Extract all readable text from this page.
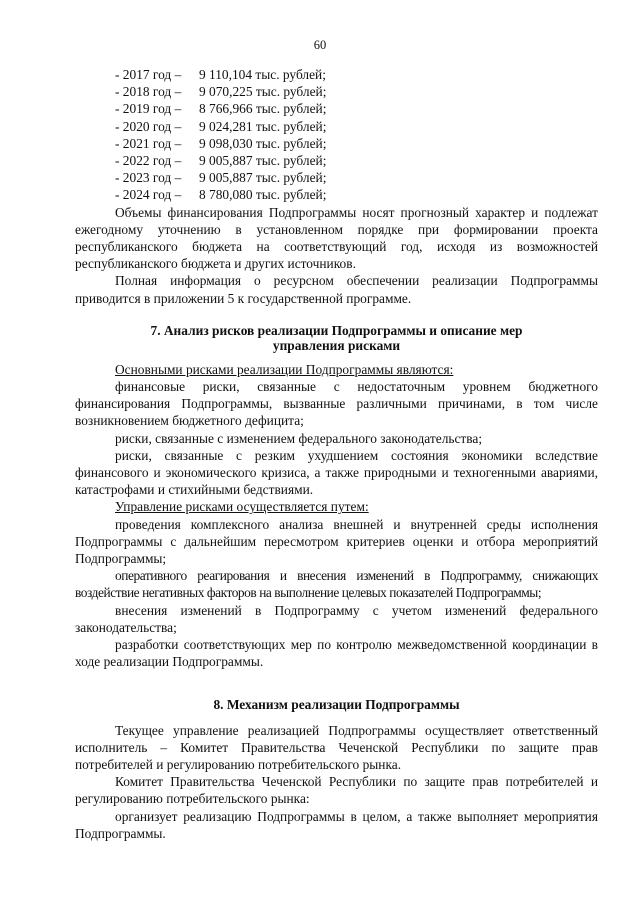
60
- 2017 год – 9 110,104 тыс. рублей;
- 2018 год – 9 070,225 тыс. рублей;
- 2019 год – 8 766,966 тыс. рублей;
- 2020 год – 9 024,281 тыс. рублей;
- 2021 год – 9 098,030 тыс. рублей;
- 2022 год – 9 005,887 тыс. рублей;
- 2023 год – 9 005,887 тыс. рублей;
- 2024 год – 8 780,080 тыс. рублей;

Объемы финансирования Подпрограммы носят прогнозный характер и подлежат ежегодному уточнению в установленном порядке при формировании проекта республиканского бюджета на соответствующий год, исходя из возможностей республиканского бюджета и других источников.

Полная информация о ресурсном обеспечении реализации Подпрограммы приводится в приложении 5 к государственной программе.

7. Анализ рисков реализации Подпрограммы и описание мер
управления рисками

Основными рисками реализации Подпрограммы являются:

финансовые риски, связанные с недостаточным уровнем бюджетного финансирования Подпрограммы, вызванные различными причинами, в том числе возникновением бюджетного дефицита;

риски, связанные с изменением федерального законодательства;

риски, связанные с резким ухудшением состояния экономики вследствие финансового и экономического кризиса, а также природными и техногенными авариями, катастрофами и стихийными бедствиями.

Управление рисками осуществляется путем:

проведения комплексного анализа внешней и внутренней среды исполнения Подпрограммы с дальнейшим пересмотром критериев оценки и отбора мероприятий Подпрограммы;

оперативного реагирования и внесения изменений в Подпрограмму, снижающих воздействие негативных факторов на выполнение целевых показателей Подпрограммы;

внесения изменений в Подпрограмму с учетом изменений федерального законодательства;

разработки соответствующих мер по контролю межведомственной координации в ходе реализации Подпрограммы.

8. Механизм реализации Подпрограммы

Текущее управление реализацией Подпрограммы осуществляет ответственный исполнитель – Комитет Правительства Чеченской Республики по защите прав потребителей и регулированию потребительского рынка.

Комитет Правительства Чеченской Республики по защите прав потребителей и регулированию потребительского рынка:

организует реализацию Подпрограммы в целом, а также выполняет мероприятия Подпрограммы.
